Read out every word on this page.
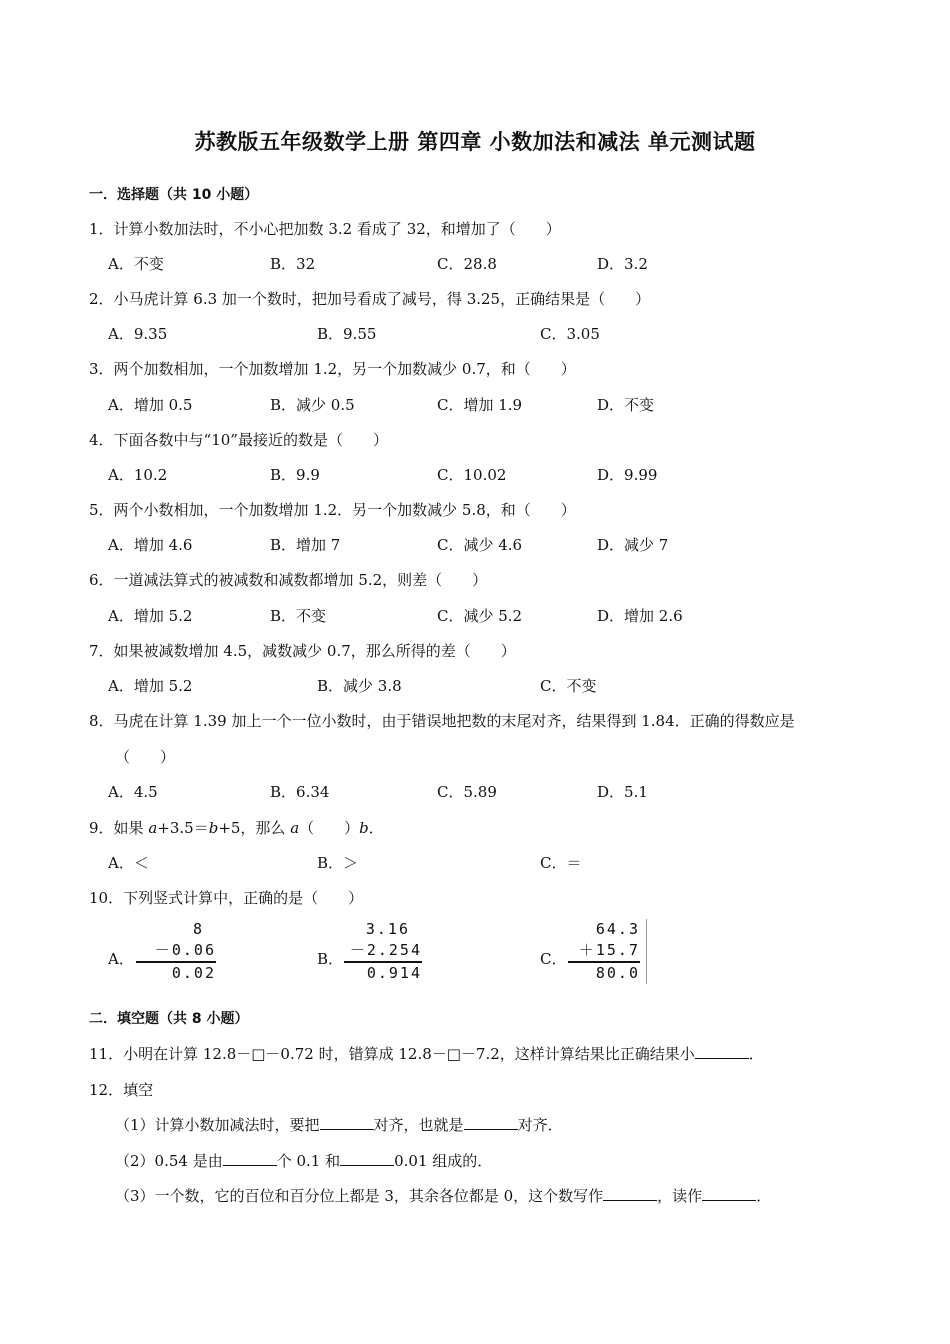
苏教版五年级数学上册 第四章 小数加法和减法 单元测试题
一．选择题（共 10 小题）
1．计算小数加法时，不小心把加数 3.2 看成了 32，和增加了（　　）
A．不变	B．32	C．28.8	D．3.2
2．小马虎计算 6.3 加一个数时，把加号看成了减号，得 3.25，正确结果是（　　）
A．9.35	B．9.55	C．3.05
3．两个加数相加，一个加数增加 1.2，另一个加数减少 0.7，和（　　）
A．增加 0.5	B．减少 0.5	C．增加 1.9	D．不变
4．下面各数中与“10”最接近的数是（　　）
A．10.2	B．9.9	C．10.02	D．9.99
5．两个小数相加，一个加数增加 1.2．另一个加数减少 5.8，和（　　）
A．增加 4.6	B．增加 7	C．减少 4.6	D．减少 7
6．一道减法算式的被减数和减数都增加 5.2，则差（　　）
A．增加 5.2	B．不变	C．减少 5.2	D．增加 2.6
7．如果被减数增加 4.5，减数减少 0.7，那么所得的差（　　）
A．增加 5.2	B．减少 3.8	C．不变
8．马虎在计算 1.39 加上一个一位小数时，由于错误地把数的末尾对齐，结果得到 1.84．正确的得数应是
（　　）
A．4.5	B．6.34	C．5.89	D．5.1
9．如果 a+3.5＝b+5，那么 a（　　）b．
A．＜	B．＞	C．＝
10．下列竖式计算中，正确的是（　　）
A．
8
－0.06
0.02
B．
3.16
－2.254
0.914
C．
64.3
＋15.7
80.0
二．填空题（共 8 小题）
11．小明在计算 12.8－□－0.72 时，错算成 12.8－□－7.2，这样计算结果比正确结果小	．
12．填空
（1）计算小数加减法时，要把	对齐，也就是	对齐．
（2）0.54 是由	个 0.1 和	0.01 组成的．
（3）一个数，它的百位和百分位上都是 3，其余各位都是 0，这个数写作	，读作	．
